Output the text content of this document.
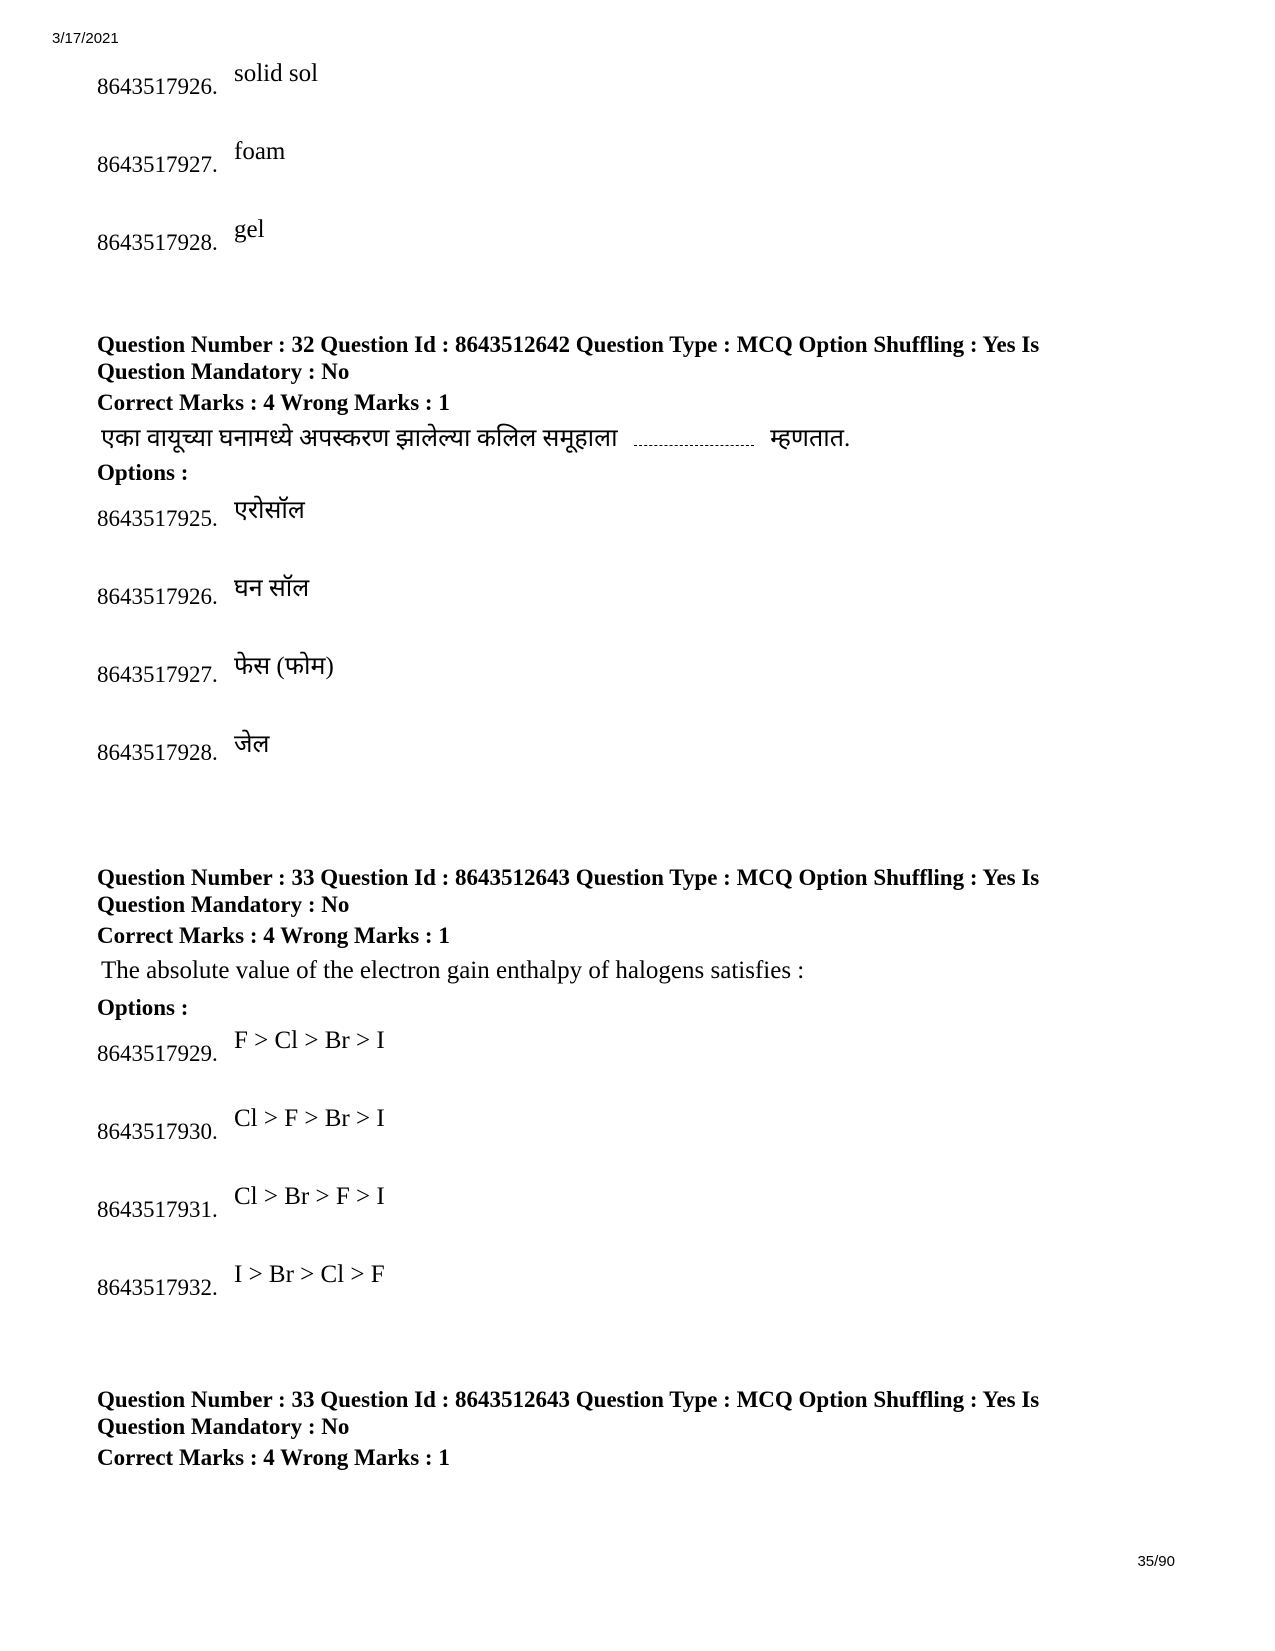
3/17/2021
8643517926. solid sol
8643517927. foam
8643517928. gel
Question Number : 32 Question Id : 8643512642 Question Type : MCQ Option Shuffling : Yes Is
Question Mandatory : No
Correct Marks : 4 Wrong Marks : 1
एका वायूच्या घनामध्ये अपस्करण झालेल्या कलिल समूहाला	म्हणतात.
Options :
8643517925. एरोसॉल
8643517926. घन सॉल
8643517927. फेस (फोम)
8643517928. जेल
Question Number : 33 Question Id : 8643512643 Question Type : MCQ Option Shuffling : Yes Is
Question Mandatory : No
Correct Marks : 4 Wrong Marks : 1
The absolute value of the electron gain enthalpy of halogens satisfies :
Options :
8643517929. F > Cl > Br > I
8643517930. Cl > F > Br > I
8643517931. Cl > Br > F > I
8643517932. I > Br > Cl > F
Question Number : 33 Question Id : 8643512643 Question Type : MCQ Option Shuffling : Yes Is
Question Mandatory : No
Correct Marks : 4 Wrong Marks : 1
35/90
